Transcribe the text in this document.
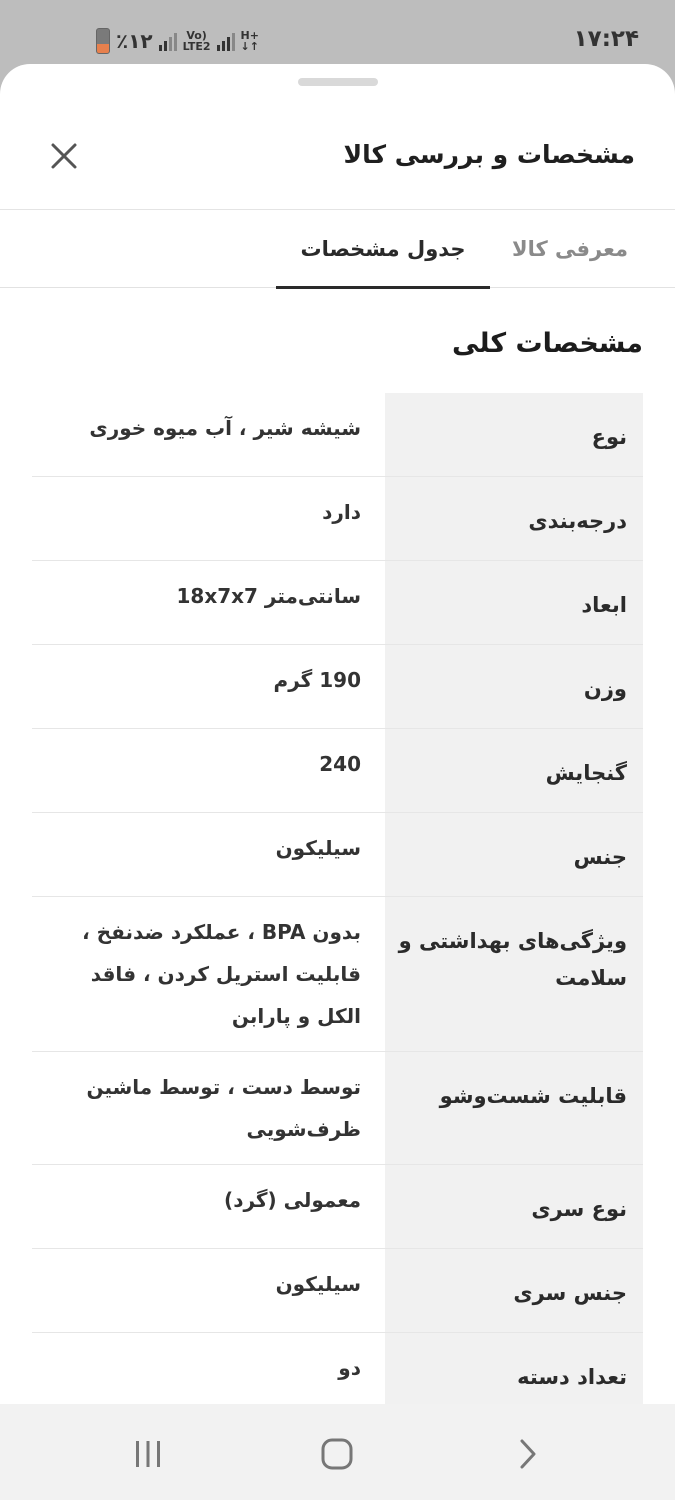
٪۱۲	Vo)
LTE2
H+
↓↑	۱۷:۲۴
مشخصات و بررسی کالا
معرفی کالا
جدول مشخصات
مشخصات کلی
نوع
شیشه شیر ، آب میوه خوری
درجه‌بندی
دارد
ابعاد
سانتی‌متر 18x7x7
وزن
190 گرم
گنجایش
240
جنس
سیلیکون
ویژگی‌های بهداشتی و سلامت
بدون BPA ، عملکرد ضدنفخ ، قابلیت استریل کردن ، فاقد الکل و پارابن
قابلیت شست‌وشو
توسط دست ، توسط ماشین ظرف‌شویی
نوع سری
معمولی (گرد)
جنس سری
سیلیکون
تعداد دسته
دو
